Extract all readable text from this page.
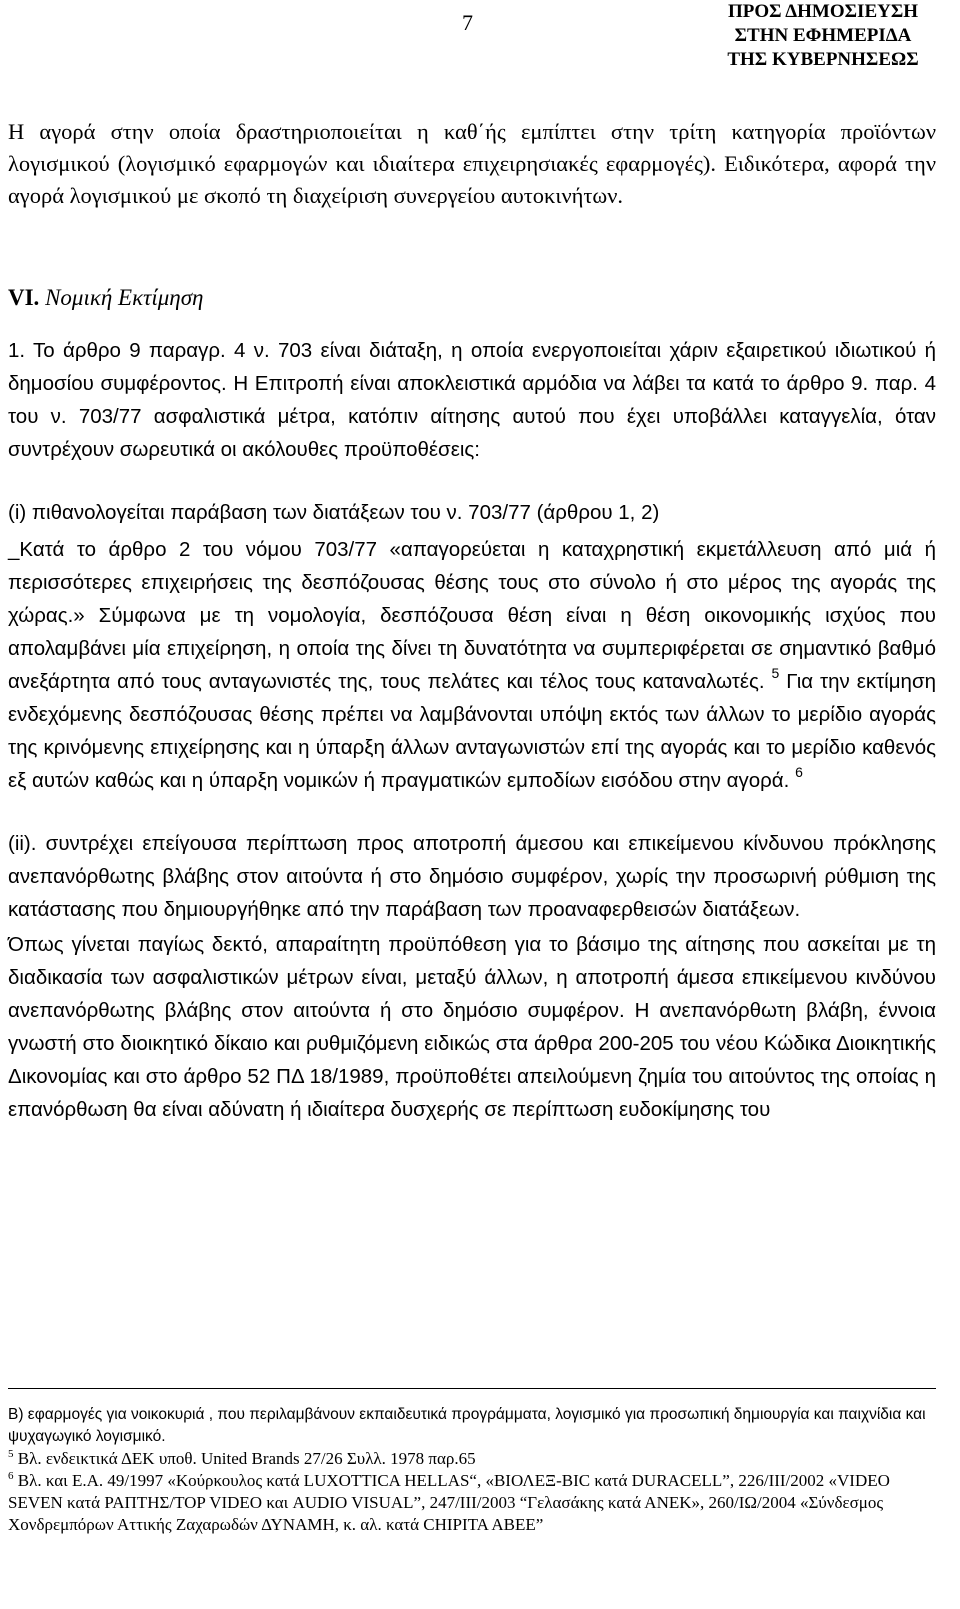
7	ΠΡΟΣ ΔΗΜΟΣΙΕΥΣΗ
ΣΤΗΝ ΕΦΗΜΕΡΙΔΑ
ΤΗΣ ΚΥΒΕΡΝΗΣΕΩΣ

Η αγορά στην οποία δραστηριοποιείται η καθ΄ής εμπίπτει στην τρίτη κατηγορία προϊόντων λογισμικού (λογισμικό εφαρμογών και ιδιαίτερα επιχειρησιακές εφαρμογές). Ειδικότερα, αφορά την αγορά λογισμικού με σκοπό τη διαχείριση συνεργείου αυτοκινήτων.

VI. Νομική Εκτίμηση

1. Το άρθρο 9 παραγρ. 4 ν. 703 είναι διάταξη, η οποία ενεργοποιείται χάριν εξαιρετικού ιδιωτικού ή δημοσίου συμφέροντος. Η Επιτροπή είναι αποκλειστικά αρμόδια να λάβει τα κατά το άρθρο 9. παρ. 4 του ν. 703/77 ασφαλιστικά μέτρα, κατόπιν αίτησης αυτού που έχει υποβάλλει καταγγελία, όταν συντρέχουν σωρευτικά οι ακόλουθες προϋποθέσεις:

(i) πιθανολογείται παράβαση των διατάξεων του ν. 703/77 (άρθρου 1, 2)

_Κατά το άρθρο 2 του νόμου 703/77 «απαγορεύεται η καταχρηστική εκμετάλλευση από μιά ή περισσότερες επιχειρήσεις της δεσπόζουσας θέσης τους στο σύνολο ή στο μέρος της αγοράς της χώρας.» Σύμφωνα με τη νομολογία, δεσπόζουσα θέση είναι η θέση οικονομικής ισχύος που απολαμβάνει μία επιχείρηση, η οποία της δίνει τη δυνατότητα να συμπεριφέρεται σε σημαντικό βαθμό ανεξάρτητα από τους ανταγωνιστές της, τους πελάτες και τέλος τους καταναλωτές. $^5$ Για την εκτίμηση ενδεχόμενης δεσπόζουσας θέσης πρέπει να λαμβάνονται υπόψη εκτός των άλλων το μερίδιο αγοράς της κρινόμενης επιχείρησης και η ύπαρξη άλλων ανταγωνιστών επί της αγοράς και το μερίδιο καθενός εξ αυτών καθώς και η ύπαρξη νομικών ή πραγματικών εμποδίων εισόδου στην αγορά. $^6$

(ii). συντρέχει επείγουσα περίπτωση προς αποτροπή άμεσου και επικείμενου κίνδυνου πρόκλησης ανεπανόρθωτης βλάβης στον αιτούντα ή στο δημόσιο συμφέρον, χωρίς την προσωρινή ρύθμιση της κατάστασης που δημιουργήθηκε από την παράβαση των προαναφερθεισών διατάξεων.

Όπως γίνεται παγίως δεκτό, απαραίτητη προϋπόθεση για το βάσιμο της αίτησης που ασκείται με τη διαδικασία των ασφαλιστικών μέτρων είναι, μεταξύ άλλων, η αποτροπή άμεσα επικείμενου κινδύνου ανεπανόρθωτης βλάβης στον αιτούντα ή στο δημόσιο συμφέρον. Η ανεπανόρθωτη βλάβη, έννοια γνωστή στο διοικητικό δίκαιο και ρυθμιζόμενη ειδικώς στα άρθρα 200-205 του νέου Κώδικα Διοικητικής Δικονομίας και στο άρθρο 52 ΠΔ 18/1989, προϋποθέτει απειλούμενη ζημία του αιτούντος της οποίας η επανόρθωση θα είναι αδύνατη ή ιδιαίτερα δυσχερής σε περίπτωση ευδοκίμησης του

Β) εφαρμογές για νοικοκυριά , που περιλαμβάνουν εκπαιδευτικά προγράμματα, λογισμικό για προσωπική δημιουργία και παιχνίδια και ψυχαγωγικό λογισμικό.

$^5$ Βλ. ενδεικτικά ΔΕΚ υποθ. United Brands 27/26 Συλλ. 1978 παρ.65

$^6$ Βλ. και Ε.Α. 49/1997 «Κούρκουλος κατά LUXOTTICA HELLAS“, «ΒΙΟΛΕΞ-BIC κατά DURACELL”, 226/ΙΙΙ/2002 «VIDEO SEVEN κατά ΡΑΠΤΗΣ/TOP VIDEO και AUDIO VISUAL”, 247/ΙΙΙ/2003 “Γελασάκης κατά ΑΝΕΚ», 260/ΙΩ/2004 «Σύνδεσμος Χονδρεμπόρων Αττικής Ζαχαρωδών ΔΥΝΑΜΗ, κ. αλ. κατά CHIPITA ABEE”
